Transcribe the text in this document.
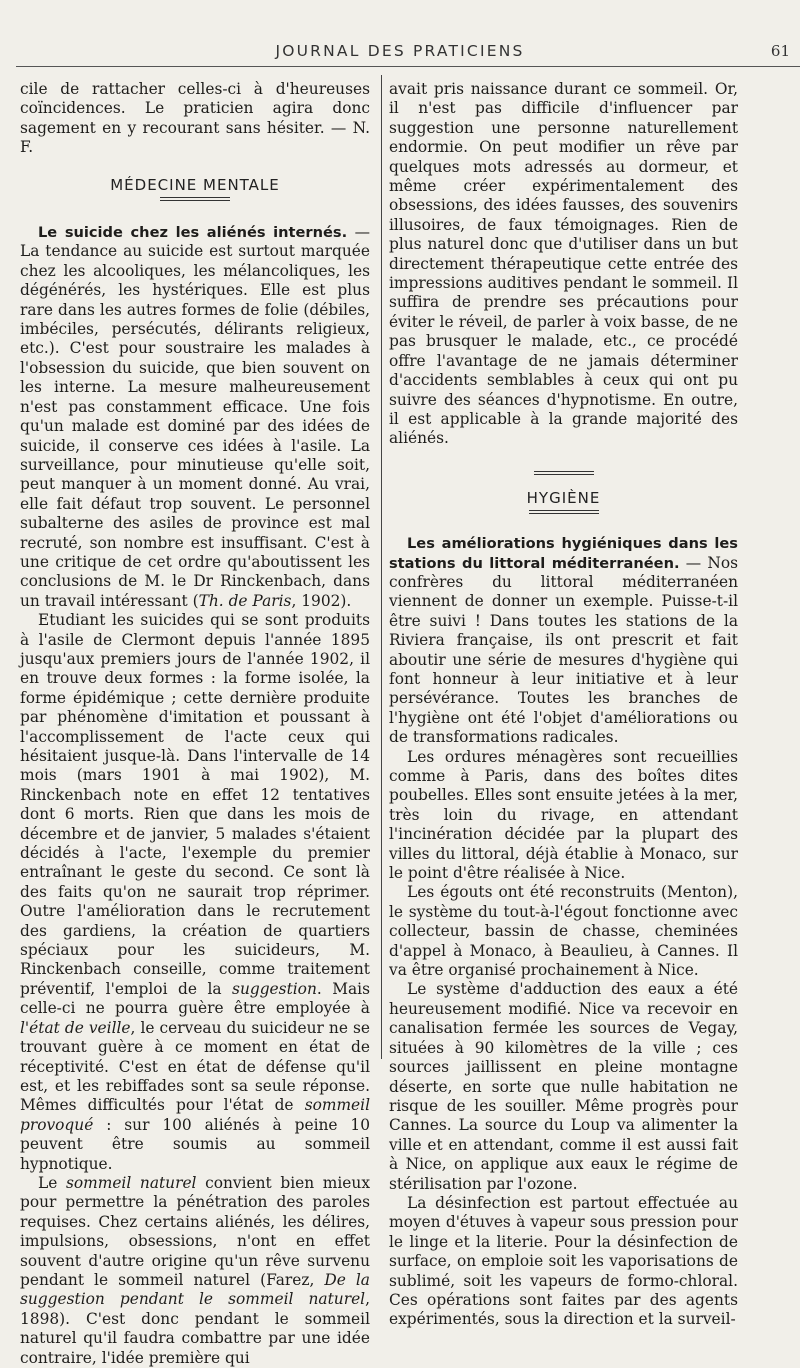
JOURNAL DES PRATICIENS	61

cile de rattacher celles-ci à d'heureuses coïncidences. Le praticien agira donc sagement en y recourant sans hésiter. — N. F.

MÉDECINE MENTALE

Le suicide chez les aliénés internés. — La tendance au suicide est surtout marquée chez les alcooliques, les mélancoliques, les dégénérés, les hystériques. Elle est plus rare dans les autres formes de folie (débiles, imbéciles, persécutés, délirants religieux, etc.). C'est pour soustraire les malades à l'obsession du suicide, que bien souvent on les interne. La mesure malheureusement n'est pas constamment efficace. Une fois qu'un malade est dominé par des idées de suicide, il conserve ces idées à l'asile. La surveillance, pour minutieuse qu'elle soit, peut manquer à un moment donné. Au vrai, elle fait défaut trop souvent. Le personnel subalterne des asiles de province est mal recruté, son nombre est insuffisant. C'est à une critique de cet ordre qu'aboutissent les conclusions de M. le Dr Rinckenbach, dans un travail intéressant (Th. de Paris, 1902).

Etudiant les suicides qui se sont produits à l'asile de Clermont depuis l'année 1895 jusqu'aux premiers jours de l'année 1902, il en trouve deux formes : la forme isolée, la forme épidémique ; cette dernière produite par phénomène d'imitation et poussant à l'accomplissement de l'acte ceux qui hésitaient jusque-là. Dans l'intervalle de 14 mois (mars 1901 à mai 1902), M. Rinckenbach note en effet 12 tentatives dont 6 morts. Rien que dans les mois de décembre et de janvier, 5 malades s'étaient décidés à l'acte, l'exemple du premier entraînant le geste du second. Ce sont là des faits qu'on ne saurait trop réprimer. Outre l'amélioration dans le recrutement des gardiens, la création de quartiers spéciaux pour les suicideurs, M. Rinckenbach conseille, comme traitement préventif, l'emploi de la suggestion. Mais celle-ci ne pourra guère être employée à l'état de veille, le cerveau du suicideur ne se trouvant guère à ce moment en état de réceptivité. C'est en état de défense qu'il est, et les rebiffades sont sa seule réponse. Mêmes difficultés pour l'état de sommeil provoqué : sur 100 aliénés à peine 10 peuvent être soumis au sommeil hypnotique.

Le sommeil naturel convient bien mieux pour permettre la pénétration des paroles requises. Chez certains aliénés, les délires, impulsions, obsessions, n'ont en effet souvent d'autre origine qu'un rêve survenu pendant le sommeil naturel (Farez, De la suggestion pendant le sommeil naturel, 1898). C'est donc pendant le sommeil naturel qu'il faudra combattre par une idée contraire, l'idée première qui

avait pris naissance durant ce sommeil. Or, il n'est pas difficile d'influencer par suggestion une personne naturellement endormie. On peut modifier un rêve par quelques mots adressés au dormeur, et même créer expérimentalement des obsessions, des idées fausses, des souvenirs illusoires, de faux témoignages. Rien de plus naturel donc que d'utiliser dans un but directement thérapeutique cette entrée des impressions auditives pendant le sommeil. Il suffira de prendre ses précautions pour éviter le réveil, de parler à voix basse, de ne pas brusquer le malade, etc., ce procédé offre l'avantage de ne jamais déterminer d'accidents semblables à ceux qui ont pu suivre des séances d'hypnotisme. En outre, il est applicable à la grande majorité des aliénés.

HYGIÈNE

Les améliorations hygiéniques dans les stations du littoral méditerranéen. — Nos confrères du littoral méditerranéen viennent de donner un exemple. Puisse-t-il être suivi ! Dans toutes les stations de la Riviera française, ils ont prescrit et fait aboutir une série de mesures d'hygiène qui font honneur à leur initiative et à leur persévérance. Toutes les branches de l'hygiène ont été l'objet d'améliorations ou de transformations radicales.

Les ordures ménagères sont recueillies comme à Paris, dans des boîtes dites poubelles. Elles sont ensuite jetées à la mer, très loin du rivage, en attendant l'incinération décidée par la plupart des villes du littoral, déjà établie à Monaco, sur le point d'être réalisée à Nice.

Les égouts ont été reconstruits (Menton), le système du tout-à-l'égout fonctionne avec collecteur, bassin de chasse, cheminées d'appel à Monaco, à Beaulieu, à Cannes. Il va être organisé prochainement à Nice.

Le système d'adduction des eaux a été heureusement modifié. Nice va recevoir en canalisation fermée les sources de Vegay, situées à 90 kilomètres de la ville ; ces sources jaillissent en pleine montagne déserte, en sorte que nulle habitation ne risque de les souiller. Même progrès pour Cannes. La source du Loup va alimenter la ville et en attendant, comme il est aussi fait à Nice, on applique aux eaux le régime de stérilisation par l'ozone.

La désinfection est partout effectuée au moyen d'étuves à vapeur sous pression pour le linge et la literie. Pour la désinfection de surface, on emploie soit les vaporisations de sublimé, soit les vapeurs de formo-chloral. Ces opérations sont faites par des agents expérimentés, sous la direction et la surveil-
